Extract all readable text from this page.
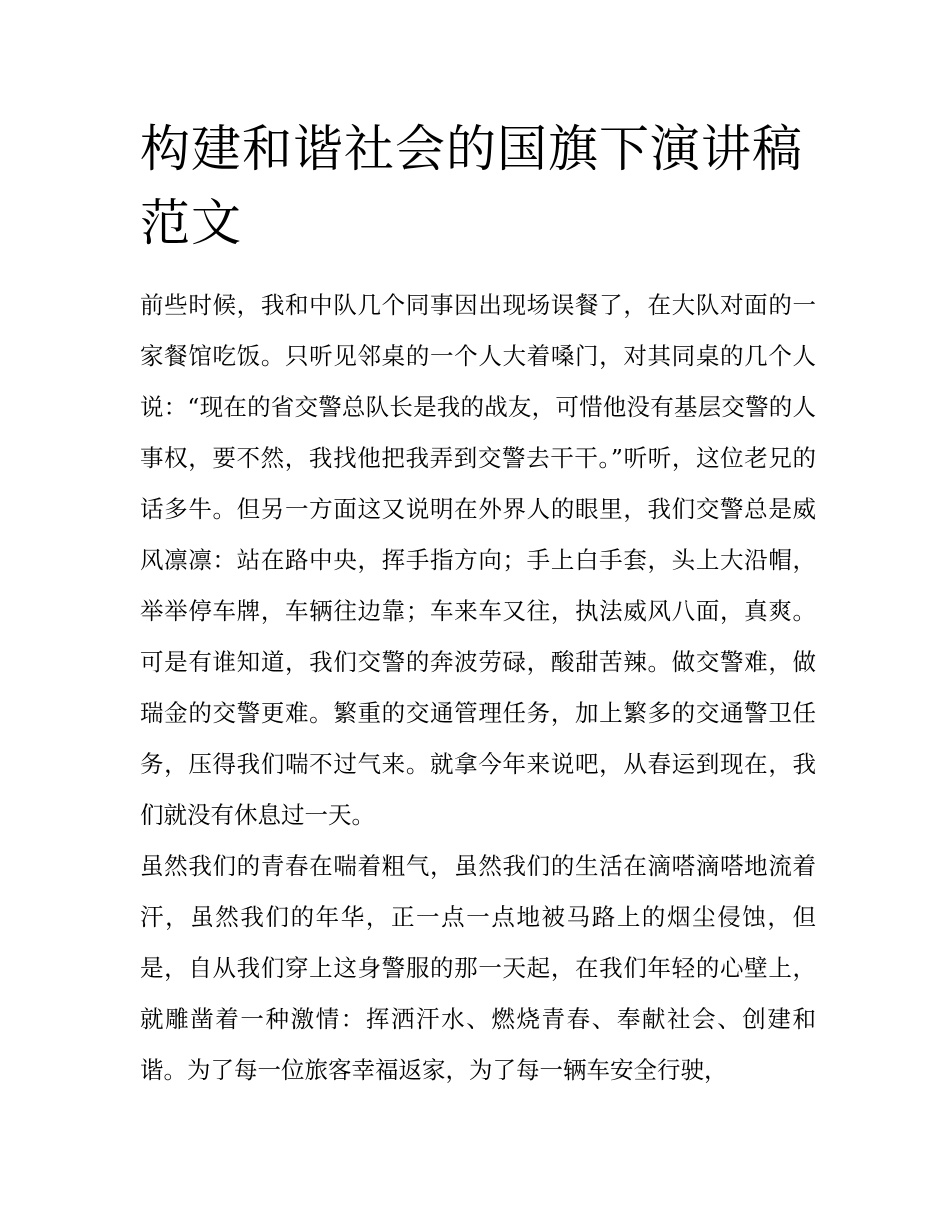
构建和谐社会的国旗下演讲稿范文

前些时候，我和中队几个同事因出现场误餐了，在大队对面的一家餐馆吃饭。只听见邻桌的一个人大着嗓门，对其同桌的几个人说：“现在的省交警总队长是我的战友，可惜他没有基层交警的人事权，要不然，我找他把我弄到交警去干干。”听听，这位老兄的话多牛。但另一方面这又说明在外界人的眼里，我们交警总是威风凛凛：站在路中央，挥手指方向；手上白手套，头上大沿帽，举举停车牌，车辆往边靠；车来车又往，执法威风八面，真爽。可是有谁知道，我们交警的奔波劳碌，酸甜苦辣。做交警难，做瑞金的交警更难。繁重的交通管理任务，加上繁多的交通警卫任务，压得我们喘不过气来。就拿今年来说吧，从春运到现在，我们就没有休息过一天。

虽然我们的青春在喘着粗气，虽然我们的生活在滴嗒滴嗒地流着汗，虽然我们的年华，正一点一点地被马路上的烟尘侵蚀，但是，自从我们穿上这身警服的那一天起，在我们年轻的心壁上，就雕凿着一种激情：挥洒汗水、燃烧青春、奉献社会、创建和谐。为了每一位旅客幸福返家，为了每一辆车安全行驶，
